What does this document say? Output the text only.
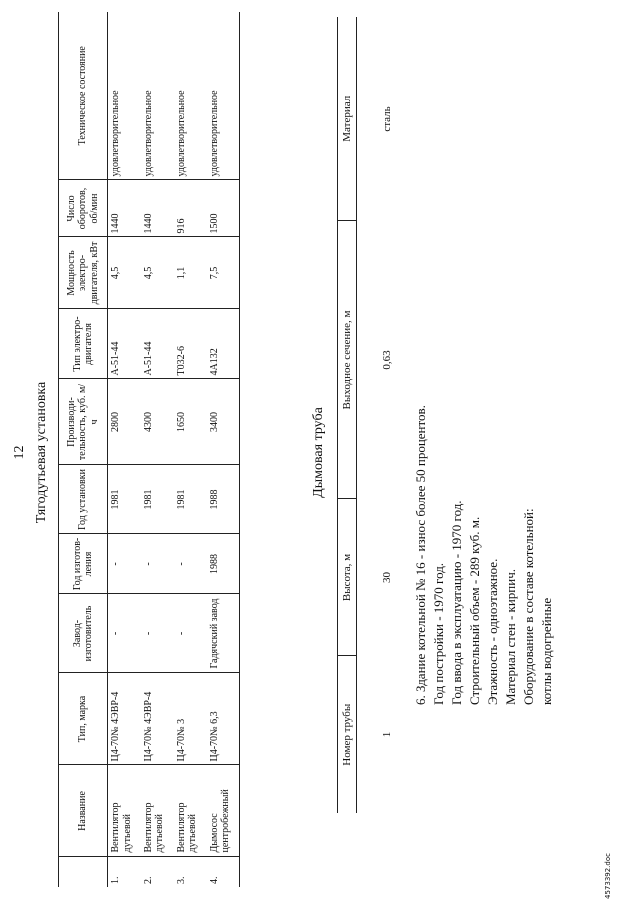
12 Тягодутьевая установка
	Название	Тип, марка	Завод-изготовитель	Год изготов-ления	Год установки	Производи-тельность, куб. м/ч	Тип электро-двигателя	Мощность электро-двигателя, кВт	Число оборотов, об/мин	Техническое состояние
1.	Вентилятор дутьевой	Ц4-70№ 4ЭВР-4	-	-	1981	2800	А-51-44	4,5	1440	удовлетворительное
2.	Вентилятор дутьевой	Ц4-70№ 4ЭВР-4	-	-	1981	4300	А-51-44	4,5	1440	удовлетворительное
3.	Вентилятор дутьевой	Ц4-70№ 3	-	-	1981	1650	Т032-6	1,1	916	удовлетворительное
4.	Дымосос центробежный	Ц4-70№ 6,3	Гадячский завод	1988	1988	3400	4А132	7,5	1500	удовлетворительное
Дымовая труба
Номер трубы	Высота, м	Выходное сечение, м	Материал
1	30	0,63	сталь
6. Здание котельной № 16 - износ более 50 процентов. Год постройки - 1970 год. Год ввода в эксплуатацию - 1970 год. Строительный объем - 289 куб. м. Этажность - одноэтажное. Материал стен - кирпич. Оборудование в составе котельной: котлы водогрейные
4573392.doc
